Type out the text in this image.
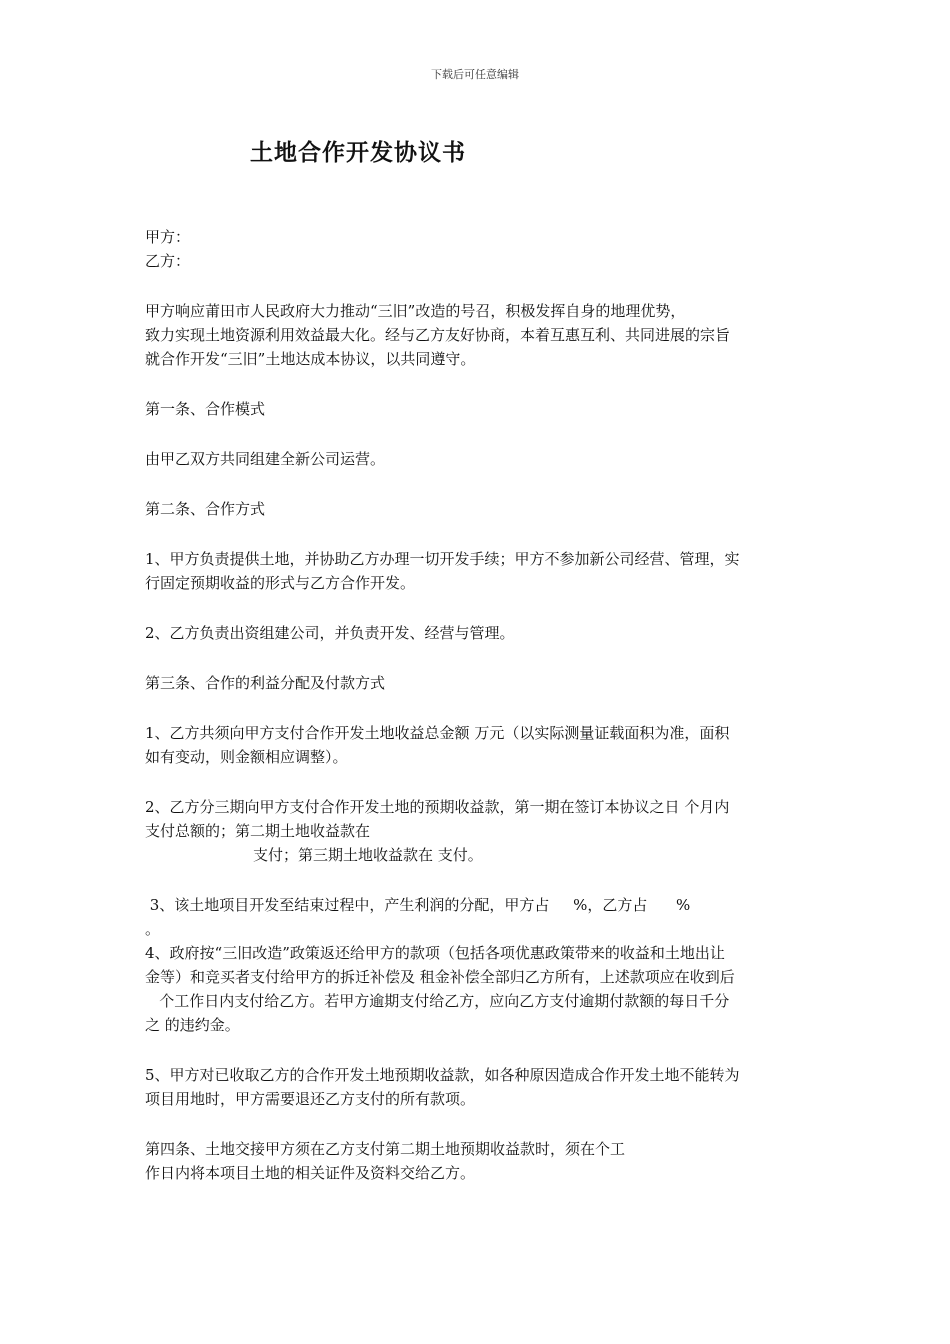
下载后可任意编辑
土地合作开发协议书

甲方：

乙方：

甲方响应莆田市人民政府大力推动“三旧”改造的号召，积极发挥自身的地理优势，

致力实现土地资源利用效益最大化。经与乙方友好协商，本着互惠互利、共同进展的宗旨

就合作开发“三旧”土地达成本协议，以共同遵守。

第一条、合作模式

由甲乙双方共同组建全新公司运营。

第二条、合作方式

1、甲方负责提供土地，并协助乙方办理一切开发手续；甲方不参加新公司经营、管理，实

行固定预期收益的形式与乙方合作开发。

2、乙方负责出资组建公司，并负责开发、经营与管理。

第三条、合作的利益分配及付款方式

1、乙方共须向甲方支付合作开发土地收益总金额 万元（以实际测量证载面积为准，面积

如有变动，则金额相应调整）。

2、乙方分三期向甲方支付合作开发土地的预期收益款，第一期在签订本协议之日 个月内

支付总额的；第二期土地收益款在

支付；第三期土地收益款在 支付。

3、该土地项目开发至结束过程中，产生利润的分配，甲方占     %，乙方占      %

。

4、政府按“三旧改造”政策返还给甲方的款项（包括各项优惠政策带来的收益和土地出让

金等）和竞买者支付给甲方的拆迁补偿及 租金补偿全部归乙方所有，上述款项应在收到后

个工作日内支付给乙方。若甲方逾期支付给乙方，应向乙方支付逾期付款额的每日千分

之 的违约金。

5、甲方对已收取乙方的合作开发土地预期收益款，如各种原因造成合作开发土地不能转为

项目用地时，甲方需要退还乙方支付的所有款项。

第四条、土地交接甲方须在乙方支付第二期土地预期收益款时，须在个工

作日内将本项目土地的相关证件及资料交给乙方。
